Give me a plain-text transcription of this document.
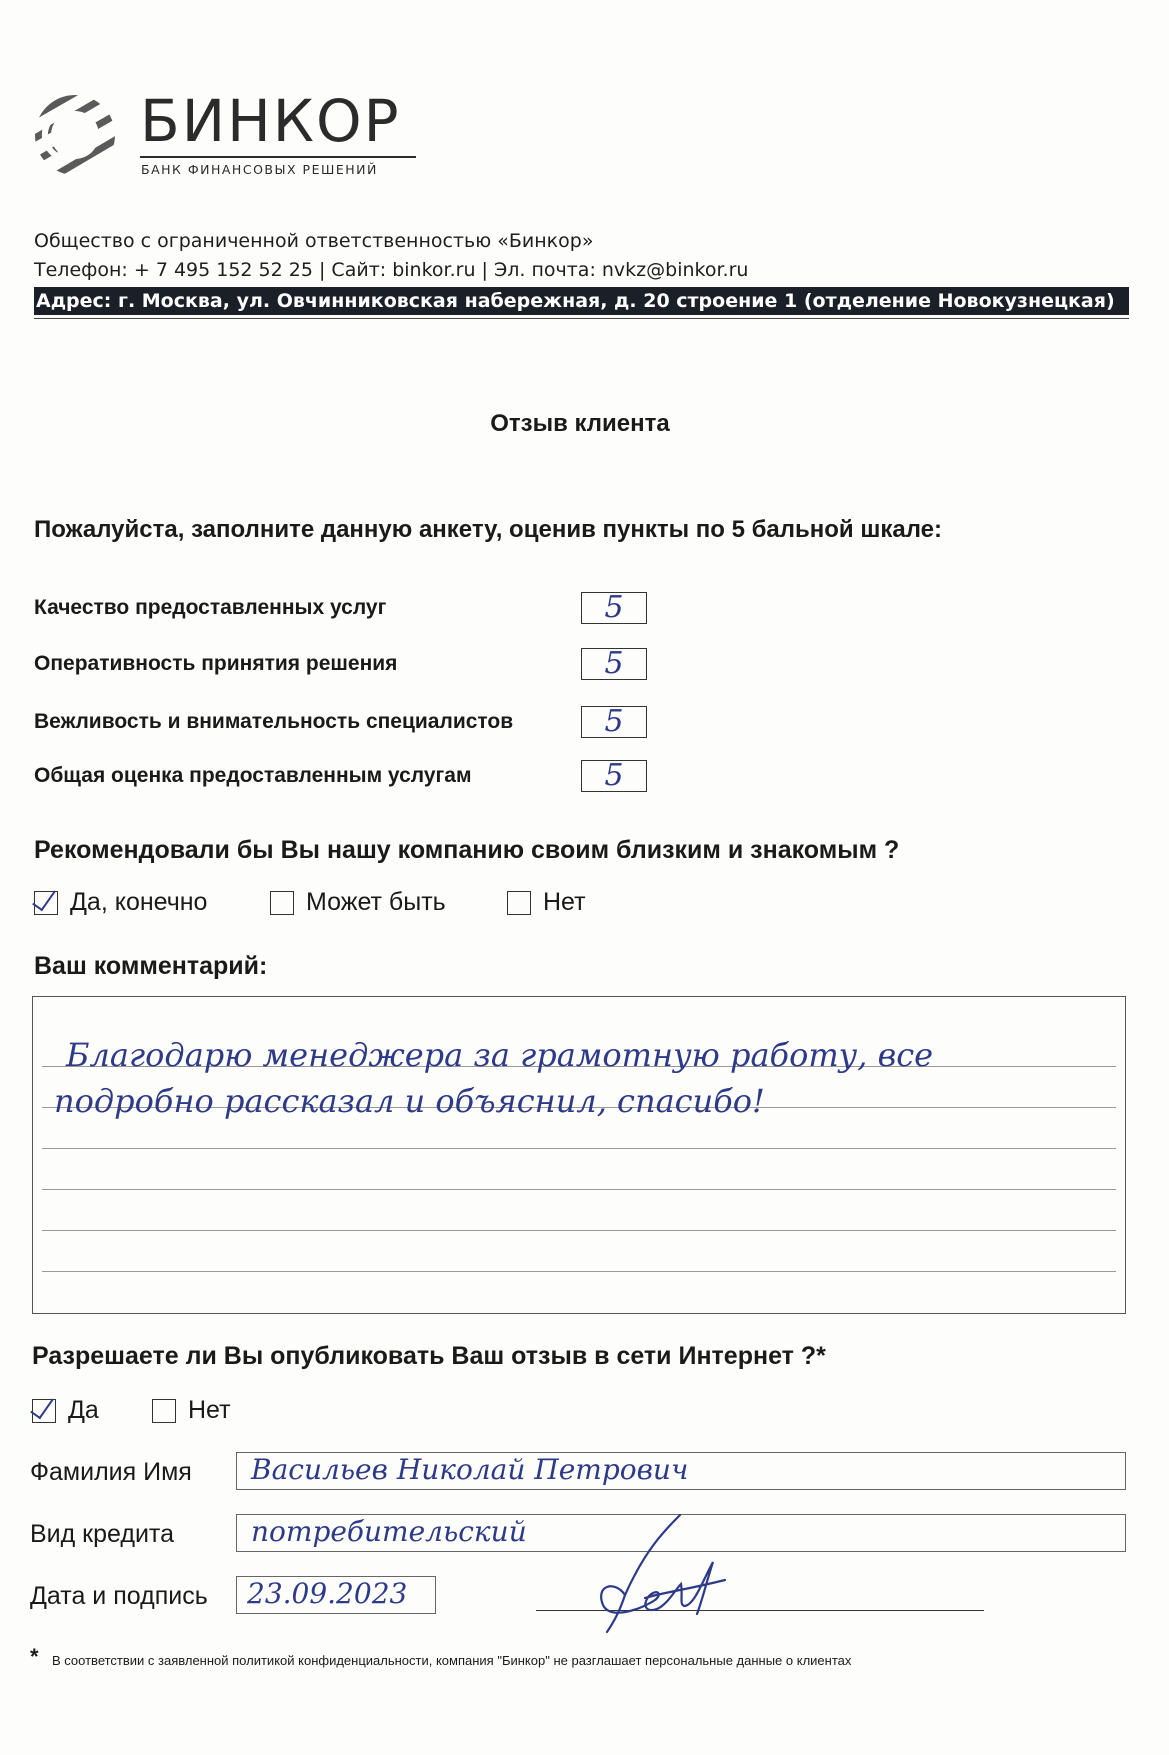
БИНКОР
БАНК ФИНАНСОВЫХ РЕШЕНИЙ
Общество с ограниченной ответственностью «Бинкор»
Телефон: + 7 495 152 52 25 | Сайт: binkor.ru | Эл. почта: nvkz@binkor.ru
Адрес: г. Москва, ул. Овчинниковская набережная, д. 20 строение 1 (отделение Новокузнецкая)
Отзыв клиента
Пожалуйста, заполните данную анкету, оценив пункты по 5 бальной шкале:
Качество предоставленных услуг	5
Оперативность принятия решения	5
Вежливость и внимательность специалистов	5
Общая оценка предоставленным услугам	5
Рекомендовали бы Вы нашу компанию своим близким и знакомым ?
Да, конечно	Может быть	Нет
Ваш комментарий:
Благодарю менеджера за грамотную работу, все
подробно рассказал и объяснил, спасибо!
Разрешаете ли Вы опубликовать Ваш отзыв в сети Интернет ?*
Да	Нет
Фамилия Имя	Васильев Николай Петрович
Вид кредита	потребительский
Дата и подпись	23.09.2023
* В соответствии с заявленной политикой конфиденциальности, компания "Бинкор" не разглашает персональные данные о клиентах
